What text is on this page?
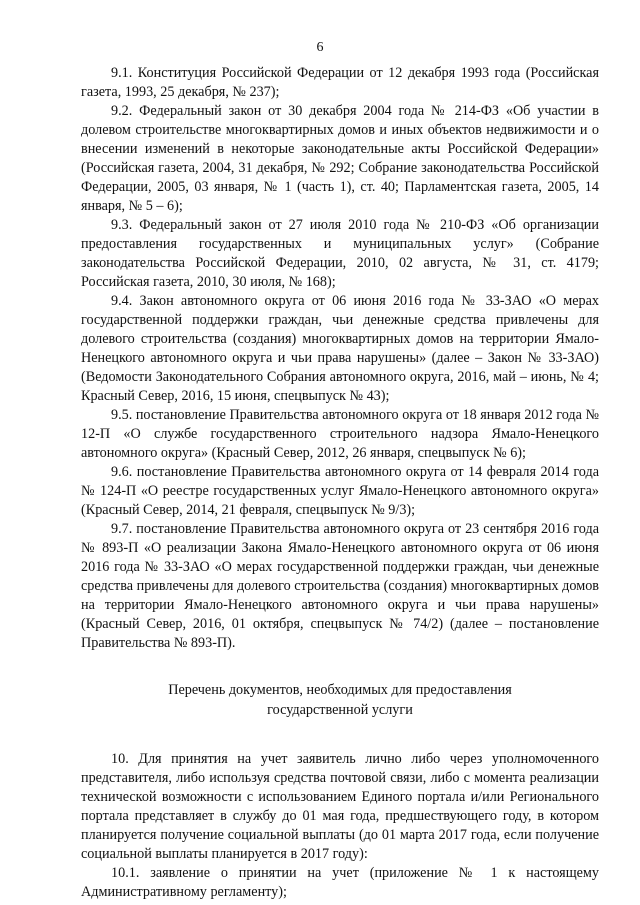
6

9.1. Конституция Российской Федерации от 12 декабря 1993 года (Российская газета, 1993, 25 декабря, № 237);

9.2. Федеральный закон от 30 декабря 2004 года № 214-ФЗ «Об участии в долевом строительстве многоквартирных домов и иных объектов недвижимости и о внесении изменений в некоторые законодательные акты Российской Федерации» (Российская газета, 2004, 31 декабря, № 292; Собрание законодательства Российской Федерации, 2005, 03 января, № 1 (часть 1), ст. 40; Парламентская газета, 2005, 14 января, № 5 – 6);

9.3. Федеральный закон от 27 июля 2010 года № 210-ФЗ «Об организации предоставления государственных и муниципальных услуг» (Собрание законодательства Российской Федерации, 2010, 02 августа, № 31, ст. 4179; Российская газета, 2010, 30 июля, № 168);

9.4. Закон автономного округа от 06 июня 2016 года № 33-ЗАО «О мерах государственной поддержки граждан, чьи денежные средства привлечены для долевого строительства (создания) многоквартирных домов на территории Ямало-Ненецкого автономного округа и чьи права нарушены» (далее – Закон № 33-ЗАО) (Ведомости Законодательного Собрания автономного округа, 2016, май – июнь, № 4; Красный Север, 2016, 15 июня, спецвыпуск № 43);

9.5. постановление Правительства автономного округа от 18 января 2012 года № 12-П «О службе государственного строительного надзора Ямало-Ненецкого автономного округа» (Красный Север, 2012, 26 января, спецвыпуск № 6);

9.6. постановление Правительства автономного округа от 14 февраля 2014 года № 124-П «О реестре государственных услуг Ямало-Ненецкого автономного округа» (Красный Север, 2014, 21 февраля, спецвыпуск № 9/3);

9.7. постановление Правительства автономного округа от 23 сентября 2016 года № 893-П «О реализации Закона Ямало-Ненецкого автономного округа от 06 июня 2016 года № 33-ЗАО «О мерах государственной поддержки граждан, чьи денежные средства привлечены для долевого строительства (создания) многоквартирных домов на территории Ямало-Ненецкого автономного округа и чьи права нарушены» (Красный Север, 2016, 01 октября, спецвыпуск № 74/2) (далее – постановление Правительства № 893-П).

Перечень документов, необходимых для предоставления
государственной услуги

10. Для принятия на учет заявитель лично либо через уполномоченного представителя, либо используя средства почтовой связи, либо с момента реализации технической возможности с использованием Единого портала и/или Регионального портала представляет в службу до 01 мая года, предшествующего году, в котором планируется получение социальной выплаты (до 01 марта 2017 года, если получение социальной выплаты планируется в 2017 году):

10.1. заявление о принятии на учет (приложение № 1 к настоящему Административному регламенту);
